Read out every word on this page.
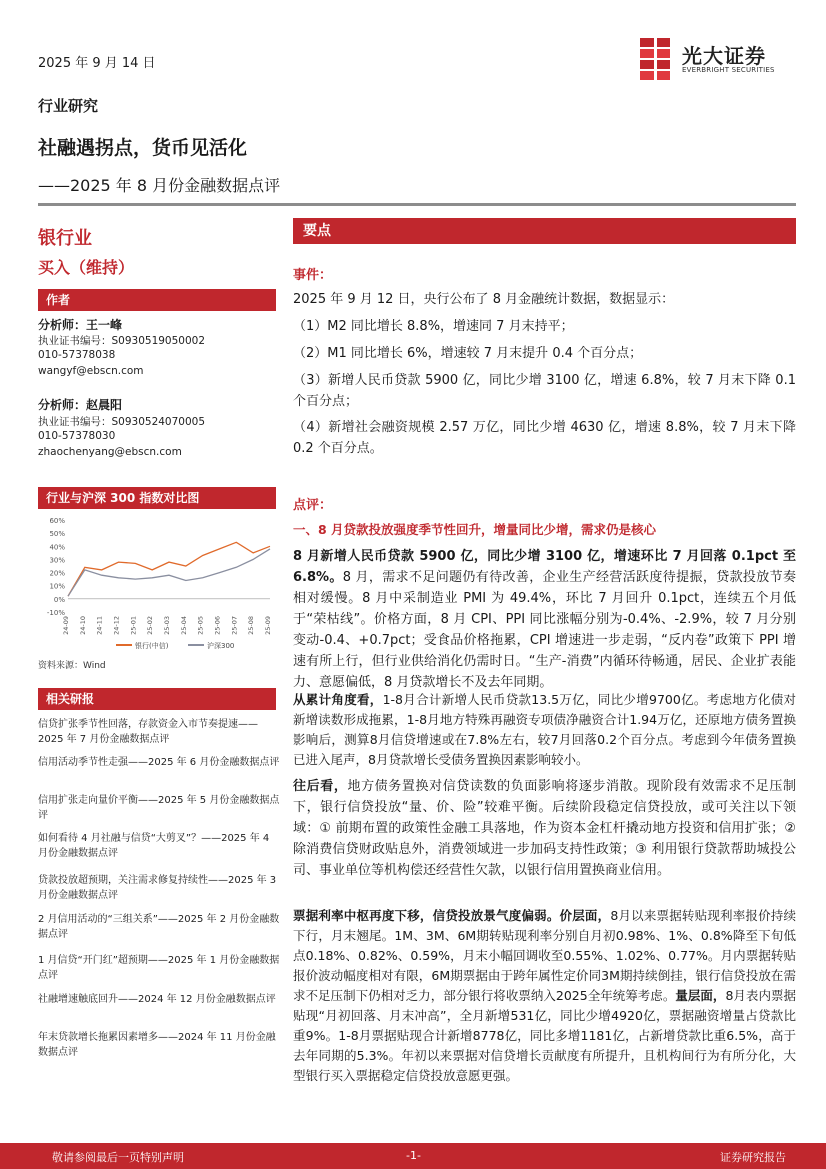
2025 年 9 月 14 日	光大证券
EVERBRIGHT SECURITIES
行业研究
社融遇拐点，货币见活化
——2025 年 8 月份金融数据点评
银行业
买入（维持）
作者
分析师：王一峰
执业证书编号：S0930519050002
010-57378038
wangyf@ebscn.com
分析师：赵晨阳
执业证书编号：S0930524070005
010-57378030
zhaochenyang@ebscn.com
行业与沪深 300 指数对比图
60%
50%
40%
30%
20%
10%
0%
-10%
24-09 24-10 24-11 24-12 25-01 25-02 25-03 25-04 25-05 25-06 25-07 25-08 25-09
银行(中信)	沪深300
资料来源：Wind
相关研报
信贷扩张季节性回落，存款资金入市节奏提速——2025 年 7 月份金融数据点评
信用活动季节性走强——2025 年 6 月份金融数据点评
信用扩张走向量价平衡——2025 年 5 月份金融数据点评
如何看待 4 月社融与信贷“大剪叉”？——2025 年 4 月份金融数据点评
贷款投放超预期，关注需求修复持续性——2025 年 3 月份金融数据点评
2 月信用活动的“三组关系”——2025 年 2 月份金融数据点评
1 月信贷“开门红”超预期——2025 年 1 月份金融数据点评
社融增速触底回升——2024 年 12 月份金融数据点评
年末贷款增长拖累因素增多——2024 年 11 月份金融数据点评
要点
事件：
2025 年 9 月 12 日，央行公布了 8 月金融统计数据，数据显示：
（1）M2 同比增长 8.8%，增速同 7 月末持平；
（2）M1 同比增长 6%，增速较 7 月末提升 0.4 个百分点；
（3）新增人民币贷款 5900 亿，同比少增 3100 亿，增速 6.8%，较 7 月末下降 0.1 个百分点；
（4）新增社会融资规模 2.57 万亿，同比少增 4630 亿，增速 8.8%，较 7 月末下降 0.2 个百分点。
点评：
一、8 月贷款投放强度季节性回升，增量同比少增，需求仍是核心
8 月新增人民币贷款 5900 亿，同比少增 3100 亿，增速环比 7 月回落 0.1pct 至 6.8%。8 月，需求不足问题仍有待改善，企业生产经营活跃度待提振，贷款投放节奏相对缓慢。8 月中采制造业 PMI 为 49.4%，环比 7 月回升 0.1pct，连续五个月低于“荣枯线”。价格方面，8 月 CPI、PPI 同比涨幅分别为-0.4%、-2.9%，较 7 月分别变动-0.4、+0.7pct；受食品价格拖累，CPI 增速进一步走弱，“反内卷”政策下 PPI 增速有所上行，但行业供给消化仍需时日。“生产-消费”内循环待畅通，居民、企业扩表能力、意愿偏低，8 月贷款增长不及去年同期。
从累计角度看，1-8月合计新增人民币贷款13.5万亿，同比少增9700亿。考虑地方化债对新增读数形成拖累，1-8月地方特殊再融资专项债净融资合计1.94万亿，还原地方债务置换影响后，测算8月信贷增速或在7.8%左右，较7月回落0.2个百分点。考虑到今年债务置换已进入尾声，8月贷款增长受债务置换因素影响较小。
往后看，地方债务置换对信贷读数的负面影响将逐步消散。现阶段有效需求不足压制下，银行信贷投放“量、价、险”较难平衡。后续阶段稳定信贷投放，或可关注以下领域：① 前期布置的政策性金融工具落地，作为资本金杠杆撬动地方投资和信用扩张；② 除消费信贷财政贴息外，消费领域进一步加码支持性政策；③ 利用银行贷款帮助城投公司、事业单位等机构偿还经营性欠款，以银行信用置换商业信用。
票据利率中枢再度下移，信贷投放景气度偏弱。价层面，8月以来票据转贴现利率报价持续下行，月末翘尾。1M、3M、6M期转贴现利率分别自月初0.98%、1%、0.8%降至下旬低点0.18%、0.82%、0.59%，月末小幅回调收至0.55%、1.02%、0.77%。月内票据转贴报价波动幅度相对有限，6M期票据由于跨年属性定价同3M期持续倒挂，银行信贷投放在需求不足压制下仍相对乏力，部分银行将收票纳入2025全年统筹考虑。量层面，8月表内票据贴现“月初回落、月末冲高”，全月新增531亿，同比少增4920亿，票据融资增量占贷款比重9%。1-8月票据贴现合计新增8778亿，同比多增1181亿，占新增贷款比重6.5%，高于去年同期的5.3%。年初以来票据对信贷增长贡献度有所提升，且机构间行为有所分化，大型银行买入票据稳定信贷投放意愿更强。
敬请参阅最后一页特别声明	-1-	证券研究报告
